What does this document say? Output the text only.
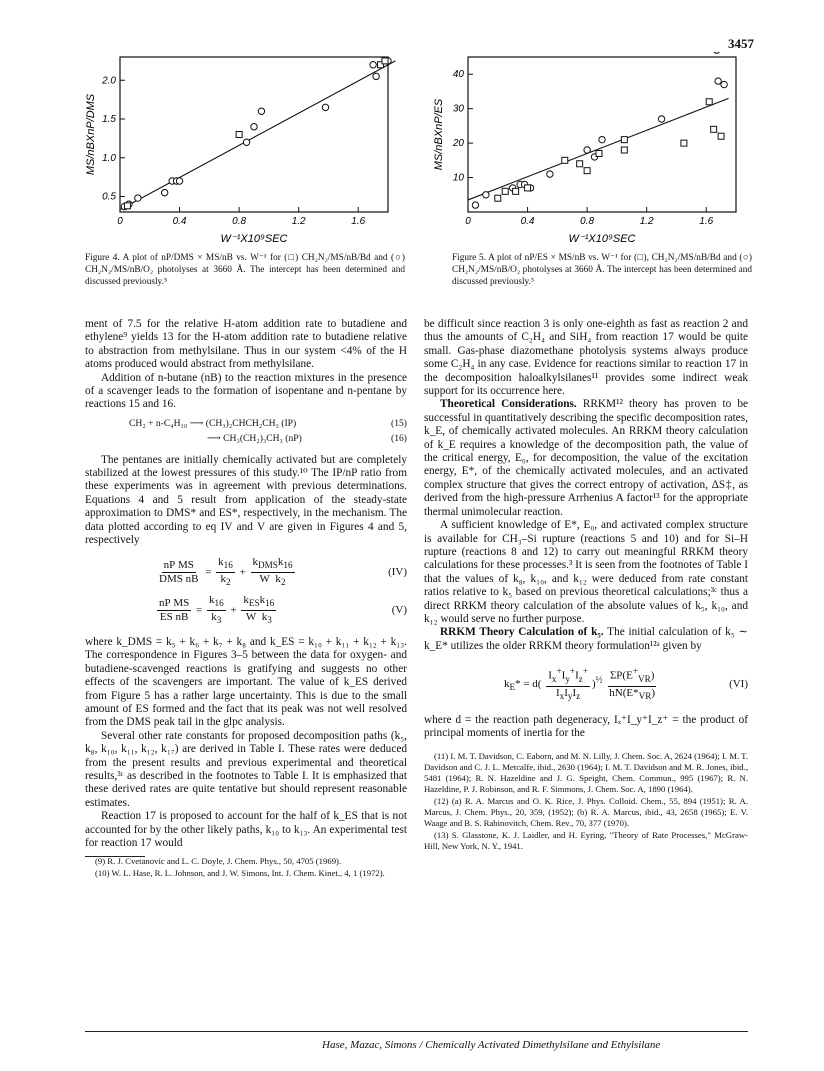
3457
0	0.4	0.8	1.2	1.6
0.5
1.0
1.5
2.0
W⁻¹X10⁹SEC
MS/nBXnP/DMS
Figure 4. A plot of nP/DMS × MS/nB vs. W⁻¹ for (□) CH₂N₂/MS/nB/Bd and (○) CH₂N₂/MS/nB/O₂ photolyses at 3660 Å. The intercept has been determined and discussed previously.⁵
0	0.4	0.8	1.2	1.6
10
20
30
40
W⁻¹X10⁹SEC
MS/nBXnP/ES
Figure 5. A plot of nP/ES × MS/nB vs. W⁻¹ for (□), CH₂N₂/MS/nB/Bd and (○) CH₂N₂/MS/nB/O₂ photolyses at 3660 Å. The intercept has been determined and discussed previously.⁵

ment of 7.5 for the relative H-atom addition rate to butadiene and ethylene⁹ yields 13 for the H-atom addition rate to butadiene relative to abstraction from methylsilane. Thus in our system <4% of the H atoms produced would abstract from methylsilane.

Addition of n-butane (nB) to the reaction mixtures in the presence of a scavenger leads to the formation of isopentane and n-pentane by reactions 15 and 16.

CH₂ + n-C₄H₁₀ ⟶ (CH₃)₂CHCH₂CH₃ (IP)	(15)
⟶ CH₃(CH₂)₃CH₃ (nP)	(16)

The pentanes are initially chemically activated but are completely stabilized at the lowest pressures of this study.¹⁰ The IP/nP ratio from these experiments was in agreement with previous determinations. Equations 4 and 5 result from application of the steady-state approximation to DMS* and ES*, respectively, in the mechanism. The data plotted according to eq IV and V are given in Figures 4 and 5, respectively

$\frac{\text{nP MS}}{\text{DMS nB}} = \frac{k_{16}}{k_2} + \frac{k_{DMS}k_{16}}{W k_2}$	(IV)
$\frac{\text{nP MS}}{\text{ES nB}} = \frac{k_{16}}{k_3} + \frac{k_{ES}k_{16}}{W k_3}$	(V)

where k_DMS = k₅ + k₆ + k₇ + k₈ and k_ES = k₁₀ + k₁₁ + k₁₂ + k₁₃. The correspondence in Figures 3–5 between the data for oxygen- and butadiene-scavenged reactions is gratifying and suggests no other effects of the scavengers are important. The value of k_ES derived from Figure 5 has a rather large uncertainty. This is due to the small amount of ES formed and the fact that its peak was not well resolved from the DMS peak tail in the glpc analysis.

Several other rate constants for proposed decomposition paths (k₅, k₈, k₁₀, k₁₁, k₁₂, k₁₇) are derived in Table I. These rates were deduced from the present results and previous experimental and theoretical results,³ᶜ as described in the footnotes to Table I. It is emphasized that these derived rates are quite tentative but should represent reasonable estimates.

Reaction 17 is proposed to account for the half of k_ES that is not accounted for by the other likely paths, k₁₀ to k₁₃. An experimental test for reaction 17 would

(9) R. J. Cvetanovic and L. C. Doyle, J. Chem. Phys., 50, 4705 (1969).
(10) W. L. Hase, R. L. Johnson, and J. W. Simons, Int. J. Chem. Kinet., 4, 1 (1972).

be difficult since reaction 3 is only one-eighth as fast as reaction 2 and thus the amounts of C₂H₄ and SiH₄ from reaction 17 would be quite small. Gas-phase diazomethane photolysis systems always produce some C₂H₄ in any case. Evidence for reactions similar to reaction 17 in the decomposition haloalkylsilanes¹¹ provides some indirect weak support for its occurrence here.

Theoretical Considerations. RRKM¹² theory has proven to be successful in quantitatively describing the specific decomposition rates, k_E, of chemically activated molecules. An RRKM theory calculation of k_E requires a knowledge of the decomposition path, the value of the critical energy, E₀, for decomposition, the value of the excitation energy, E*, of the chemically activated molecules, and an activated complex structure that gives the correct entropy of activation, ΔS‡, as derived from the high-pressure Arrhenius A factor¹³ for the appropriate thermal unimolecular reaction.

A sufficient knowledge of E*, E₀, and activated complex structure is available for CH₃–Si rupture (reactions 5 and 10) and for Si–H rupture (reactions 8 and 12) to carry out meaningful RRKM theory calculations for these processes.³ It is seen from the footnotes of Table I that the values of k₈, k₁₀, and k₁₂ were deduced from rate constant ratios relative to k₅ based on previous theoretical calculations;³ᶜ thus a direct RRKM theory calculation of the absolute values of k₅, k₁₀, and k₁₂ would serve no further purpose.

RRKM Theory Calculation of k₅. The initial calculation of k₅ ∼ k_E* utilizes the older RRKM theory formulation¹²ᵃ given by

$k_E* = d( \frac{I_x^+I_y^+I_z^+}{I_xI_yI_z} )^{\frac{1}{2}} \frac{\Sigma P(E^+_{VR})}{hN(E*_{VR})}$	(VI)

where d = the reaction path degeneracy, Iₓ⁺I_y⁺I_z⁺ = the product of principal moments of inertia for the

(11) I. M. T. Davidson, C. Eaborn, and M. N. Lilly, J. Chem. Soc. A, 2624 (1964); I. M. T. Davidson and C. J. L. Metcalfe, ibid., 2630 (1964); I. M. T. Davidson and M. R. Jones, ibid., 5481 (1964); R. N. Hazeldine and J. G. Speight, Chem. Commun., 995 (1967); R. N. Hazeldine, P. J. Robinson, and R. F. Simmons, J. Chem. Soc. A, 1890 (1964).
(12) (a) R. A. Marcus and O. K. Rice, J. Phys. Colloid. Chem., 55, 894 (1951); R. A. Marcus, J. Chem. Phys., 20, 359, (1952); (b) R. A. Marcus, ibid., 43, 2658 (1965); E. V. Waage and B. S. Rabinovitch, Chem. Rev., 70, 377 (1970).
(13) S. Glasstone, K. J. Laidler, and H. Eyring, "Theory of Rate Processes," McGraw-Hill, New York, N. Y., 1941.
Hase, Mazac, Simons / Chemically Activated Dimethylsilane and Ethylsilane
